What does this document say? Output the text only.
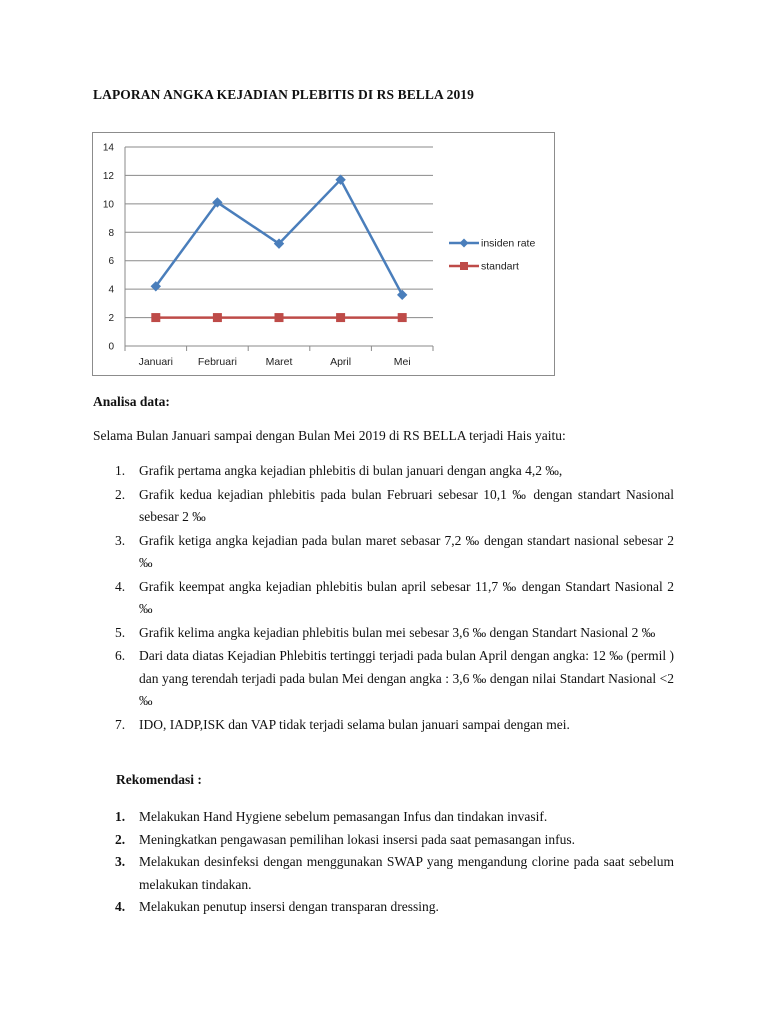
LAPORAN ANGKA KEJADIAN PLEBITIS DI RS BELLA 2019
0
2
4
6
8
10
12
14
Januari Februari	Maret	April	Mei
insiden rate
standart
Analisa data:
Selama Bulan Januari sampai dengan Bulan Mei 2019 di RS BELLA terjadi Hais yaitu:
1. Grafik pertama angka kejadian phlebitis di bulan januari dengan angka 4,2 ‰,
2. Grafik kedua kejadian phlebitis pada bulan Februari sebesar 10,1 ‰ dengan standart Nasional sebesar 2 ‰
3. Grafik ketiga angka kejadian pada bulan maret sebasar 7,2 ‰ dengan standart nasional sebesar 2 ‰
4. Grafik keempat angka kejadian phlebitis bulan april sebesar 11,7 ‰ dengan Standart Nasional 2 ‰
5. Grafik kelima angka kejadian phlebitis bulan mei sebesar 3,6 ‰ dengan Standart Nasional 2 ‰
6. Dari data diatas Kejadian Phlebitis tertinggi terjadi pada bulan April dengan angka: 12 ‰ (permil ) dan yang terendah terjadi pada bulan Mei dengan angka : 3,6 ‰ dengan nilai Standart Nasional <2 ‰
7. IDO, IADP,ISK dan VAP tidak terjadi selama bulan januari sampai dengan mei.
Rekomendasi :
1. Melakukan Hand Hygiene sebelum pemasangan Infus dan tindakan invasif.
2. Meningkatkan pengawasan pemilihan lokasi insersi pada saat pemasangan infus.
3. Melakukan desinfeksi dengan menggunakan SWAP yang mengandung clorine pada saat sebelum melakukan tindakan.
4. Melakukan penutup insersi dengan transparan dressing.
